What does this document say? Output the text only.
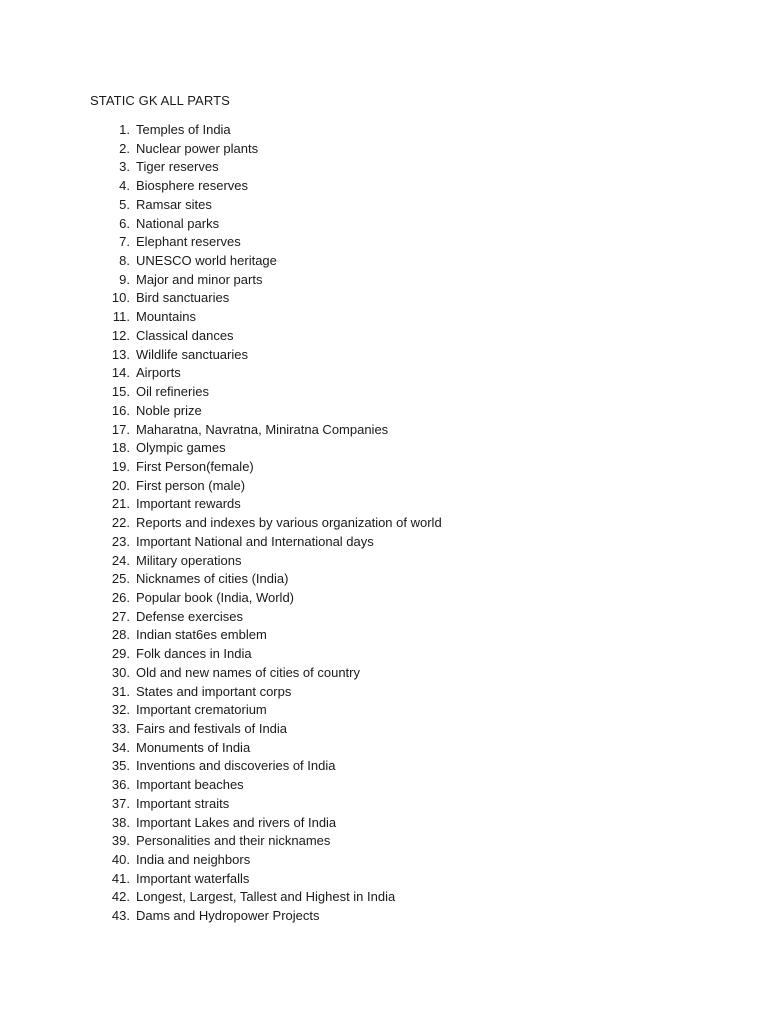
STATIC GK ALL PARTS
1. Temples of India
2. Nuclear power plants
3. Tiger reserves
4. Biosphere reserves
5. Ramsar sites
6. National parks
7. Elephant reserves
8. UNESCO world heritage
9. Major and minor parts
10. Bird sanctuaries
11. Mountains
12. Classical dances
13. Wildlife sanctuaries
14. Airports
15. Oil refineries
16. Noble prize
17. Maharatna, Navratna, Miniratna Companies
18. Olympic games
19. First Person(female)
20. First person (male)
21. Important rewards
22. Reports and indexes by various organization of world
23. Important National and International days
24. Military operations
25. Nicknames of cities (India)
26. Popular book (India, World)
27. Defense exercises
28. Indian stat6es emblem
29. Folk dances in India
30. Old and new names of cities of country
31. States and important corps
32. Important crematorium
33. Fairs and festivals of India
34. Monuments of India
35. Inventions and discoveries of India
36. Important beaches
37. Important straits
38. Important Lakes and rivers of India
39. Personalities and their nicknames
40. India and neighbors
41. Important waterfalls
42. Longest, Largest, Tallest and Highest in India
43. Dams and Hydropower Projects
